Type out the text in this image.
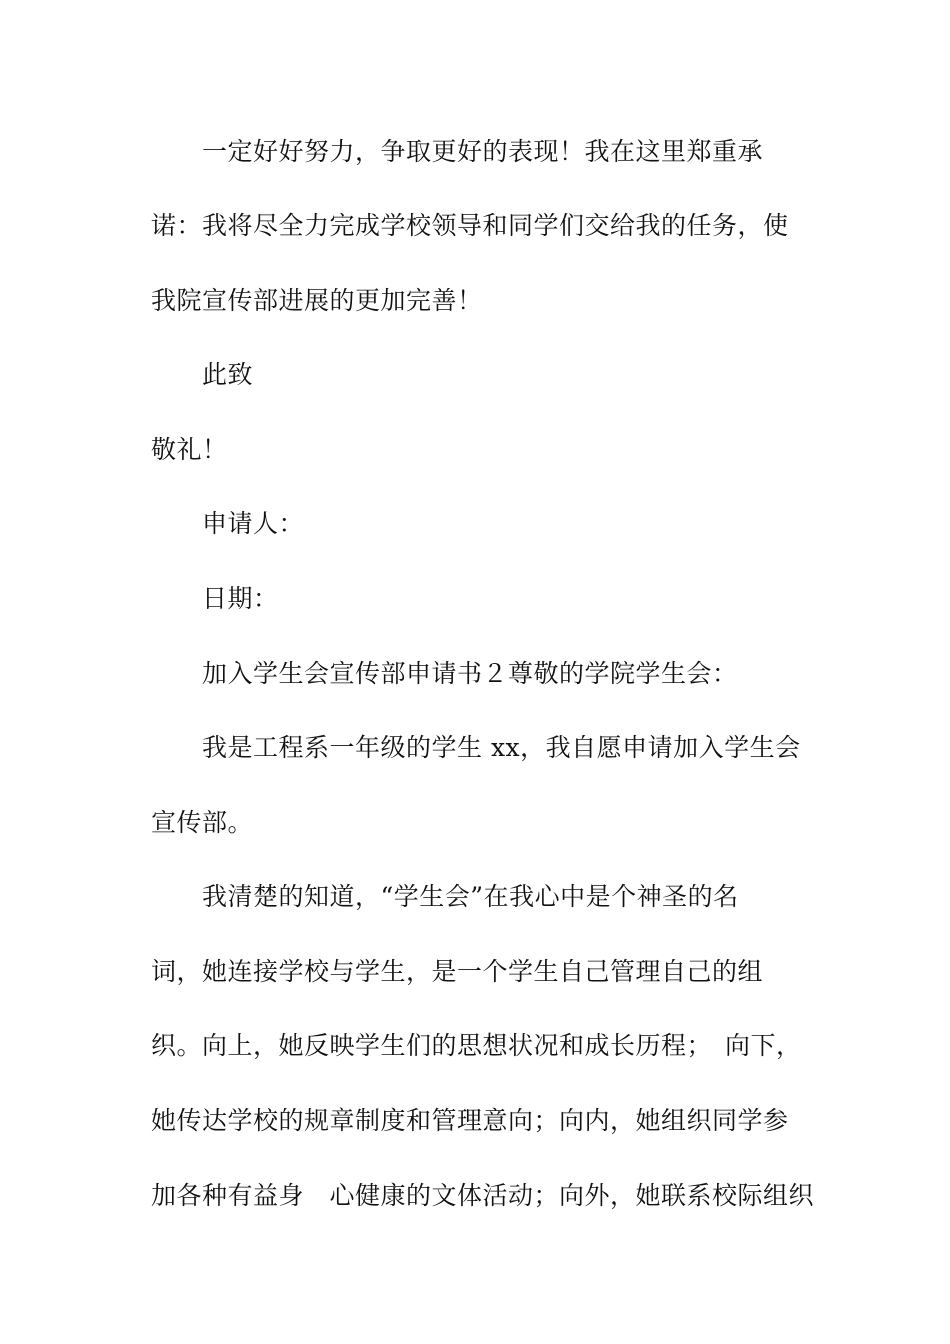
一定好好努力，争取更好的表现！我在这里郑重承
诺：我将尽全力完成学校领导和同学们交给我的任务，使
我院宣传部进展的更加完善！
此致
敬礼！
申请人：
日期：
加入学生会宣传部申请书２尊敬的学院学生会：
我是工程系一年级的学生 xx，我自愿申请加入学生会
宣传部。
我清楚的知道，“学生会”在我心中是个神圣的名
词，她连接学校与学生，是一个学生自己管理自己的组
织。向上，她反映学生们的思想状况和成长历程；　向下，
她传达学校的规章制度和管理意向；向内，她组织同学参
加各种有益身　心健康的文体活动；向外，她联系校际组织
